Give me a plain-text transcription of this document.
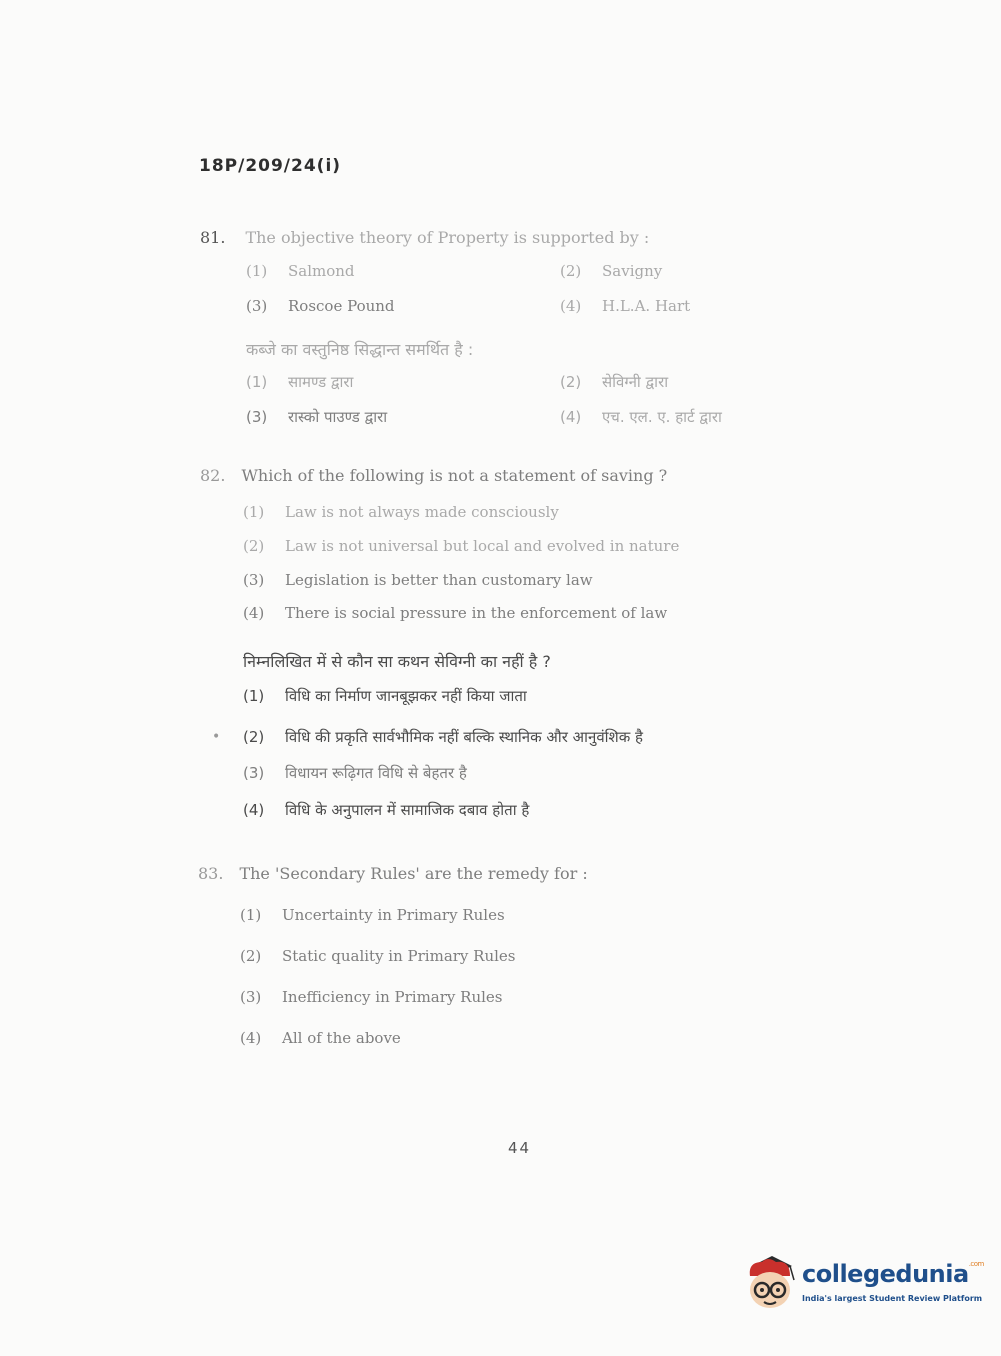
18P/209/24(i)
81. The objective theory of Property is supported by :
(1) Salmond	(2) Savigny
(3) Roscoe Pound	(4) H.L.A. Hart
कब्जे का वस्तुनिष्ठ सिद्धान्त समर्थित है :
(1) सामण्ड द्वारा	(2) सेविग्नी द्वारा
(3) रास्को पाउण्ड द्वारा	(4) एच. एल. ए. हार्ट द्वारा
82. Which of the following is not a statement of saving ?
(1) Law is not always made consciously
(2) Law is not universal but local and evolved in nature
(3) Legislation is better than customary law
(4) There is social pressure in the enforcement of law
निम्नलिखित में से कौन सा कथन सेविग्नी का नहीं है ?
(1) विधि का निर्माण जानबूझकर नहीं किया जाता
(2) विधि की प्रकृति सार्वभौमिक नहीं बल्कि स्थानिक और आनुवंशिक है
(3) विधायन रूढ़िगत विधि से बेहतर है
(4) विधि के अनुपालन में सामाजिक दबाव होता है
•
83. The 'Secondary Rules' are the remedy for :
(1) Uncertainty in Primary Rules
(2) Static quality in Primary Rules
(3) Inefficiency in Primary Rules
(4) All of the above
44
collegedunia$^{.com}$
India's largest Student Review Platform
